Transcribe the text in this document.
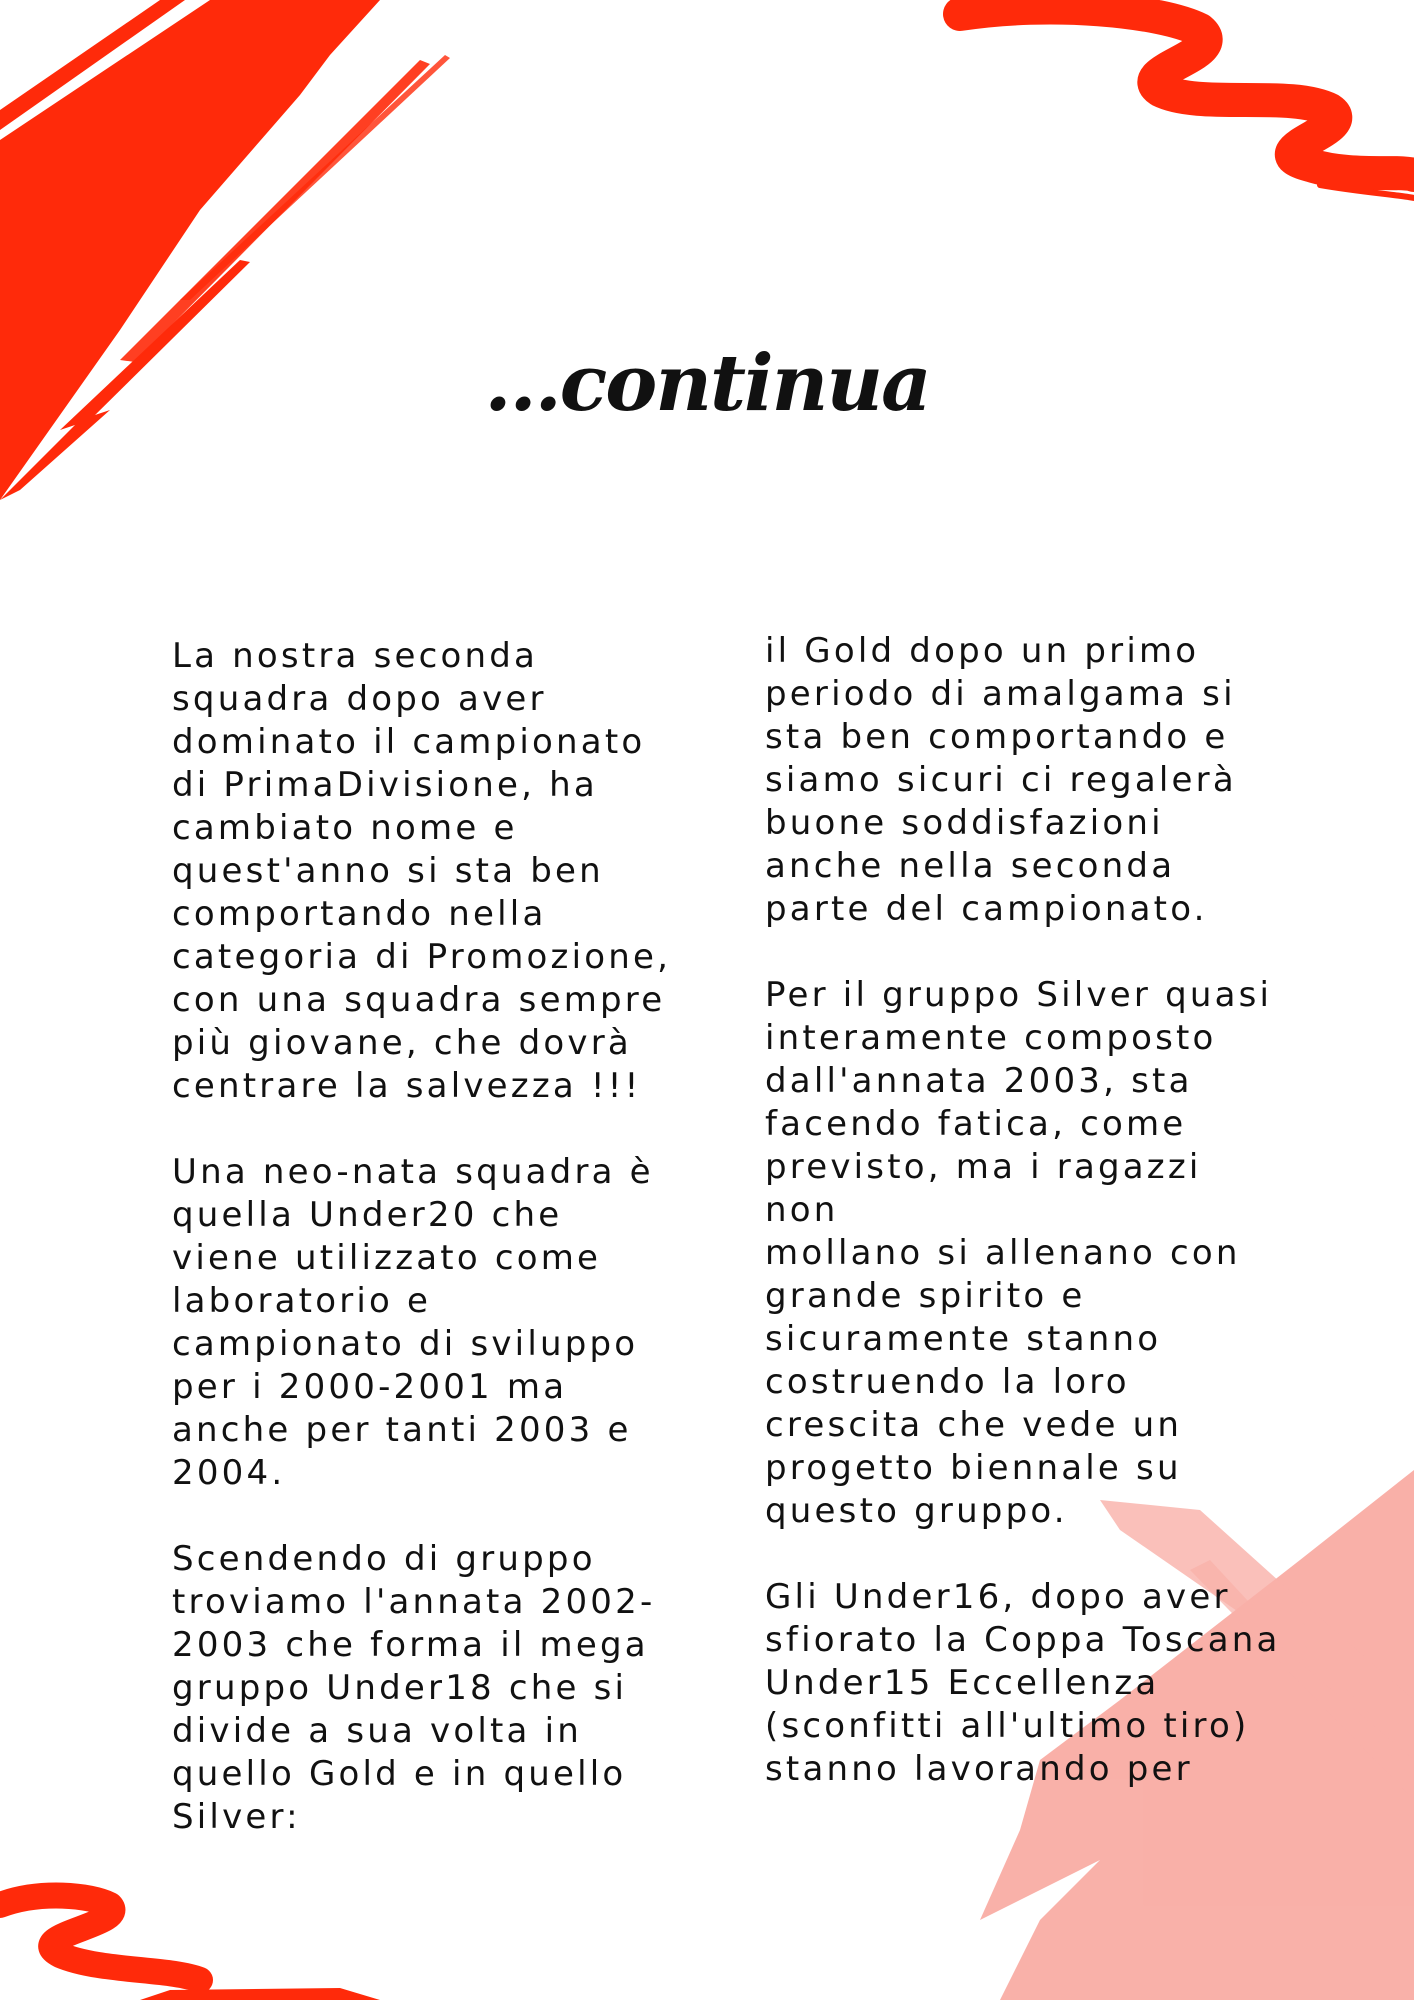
...continua

La nostra seconda
squadra dopo aver
dominato il campionato
di PrimaDivisione, ha
cambiato nome e
quest'anno si sta ben
comportando nella
categoria di Promozione,
con una squadra sempre
più giovane, che dovrà
centrare la salvezza !!!

Una neo-nata squadra è
quella Under20 che
viene utilizzato come
laboratorio e
campionato di sviluppo
per i 2000-2001 ma
anche per tanti 2003 e
2004.

Scendendo di gruppo
troviamo l'annata 2002-
2003 che forma il mega
gruppo Under18 che si
divide a sua volta in
quello Gold e in quello
Silver:

il Gold dopo un primo
periodo di amalgama si
sta ben comportando e
siamo sicuri ci regalerà
buone soddisfazioni
anche nella seconda
parte del campionato.

Per il gruppo Silver quasi
interamente composto
dall'annata 2003, sta
facendo fatica, come
previsto, ma i ragazzi non
mollano si allenano con
grande spirito e
sicuramente stanno
costruendo la loro
crescita che vede un
progetto biennale su
questo gruppo.

Gli Under16, dopo aver
sfiorato la Coppa Toscana
Under15 Eccellenza
(sconfitti all'ultimo tiro)
stanno lavorando per
